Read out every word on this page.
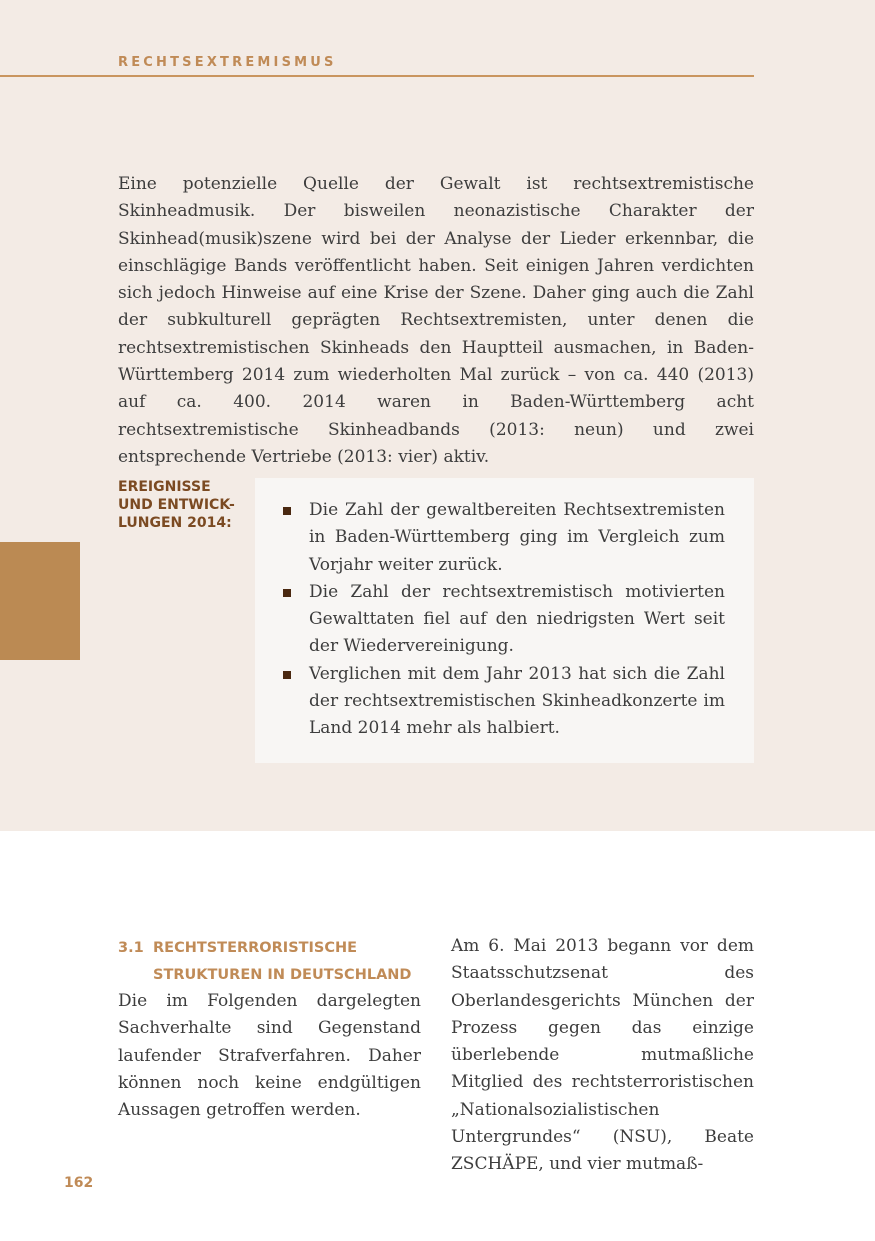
RECHTSEXTREMISMUS

Eine potenzielle Quelle der Gewalt ist rechtsextremistische Skinheadmusik. Der bisweilen neonazistische Charakter der Skinhead(musik)szene wird bei der Analyse der Lieder erkennbar, die einschlägige Bands veröffentlicht haben. Seit einigen Jahren verdichten sich jedoch Hinweise auf eine Krise der Szene. Daher ging auch die Zahl der subkulturell geprägten Rechtsextremisten, unter denen die rechtsextremistischen Skinheads den Hauptteil ausmachen, in Baden-Württemberg 2014 zum wiederholten Mal zurück – von ca. 440 (2013) auf ca. 400. 2014 waren in Baden-Württemberg acht rechtsextremistische Skinheadbands (2013: neun) und zwei entsprechende Vertriebe (2013: vier) aktiv.

EREIGNISSE
UND ENTWICK-
LUNGEN 2014:
Die Zahl der gewaltbereiten Rechtsextremisten in Baden-Württemberg ging im Vergleich zum Vorjahr weiter zurück.
Die Zahl der rechtsextremistisch motivierten Gewalttaten fiel auf den niedrigsten Wert seit der Wiedervereinigung.
Verglichen mit dem Jahr 2013 hat sich die Zahl der rechtsextremistischen Skinheadkonzerte im Land 2014 mehr als halbiert.
3.1 RECHTSTERRORISTISCHE STRUKTUREN IN DEUTSCHLAND

Die im Folgenden dargelegten Sachverhalte sind Gegenstand laufender Strafverfahren. Daher können noch keine endgültigen Aussagen getroffen werden.

Am 6. Mai 2013 begann vor dem Staatsschutzsenat des Oberlandesgerichts München der Prozess gegen das einzige überlebende mutmaßliche Mitglied des rechtsterroristischen „Nationalsozialistischen Untergrundes“ (NSU), Beate ZSCHÄPE, und vier mutmaß-

162
